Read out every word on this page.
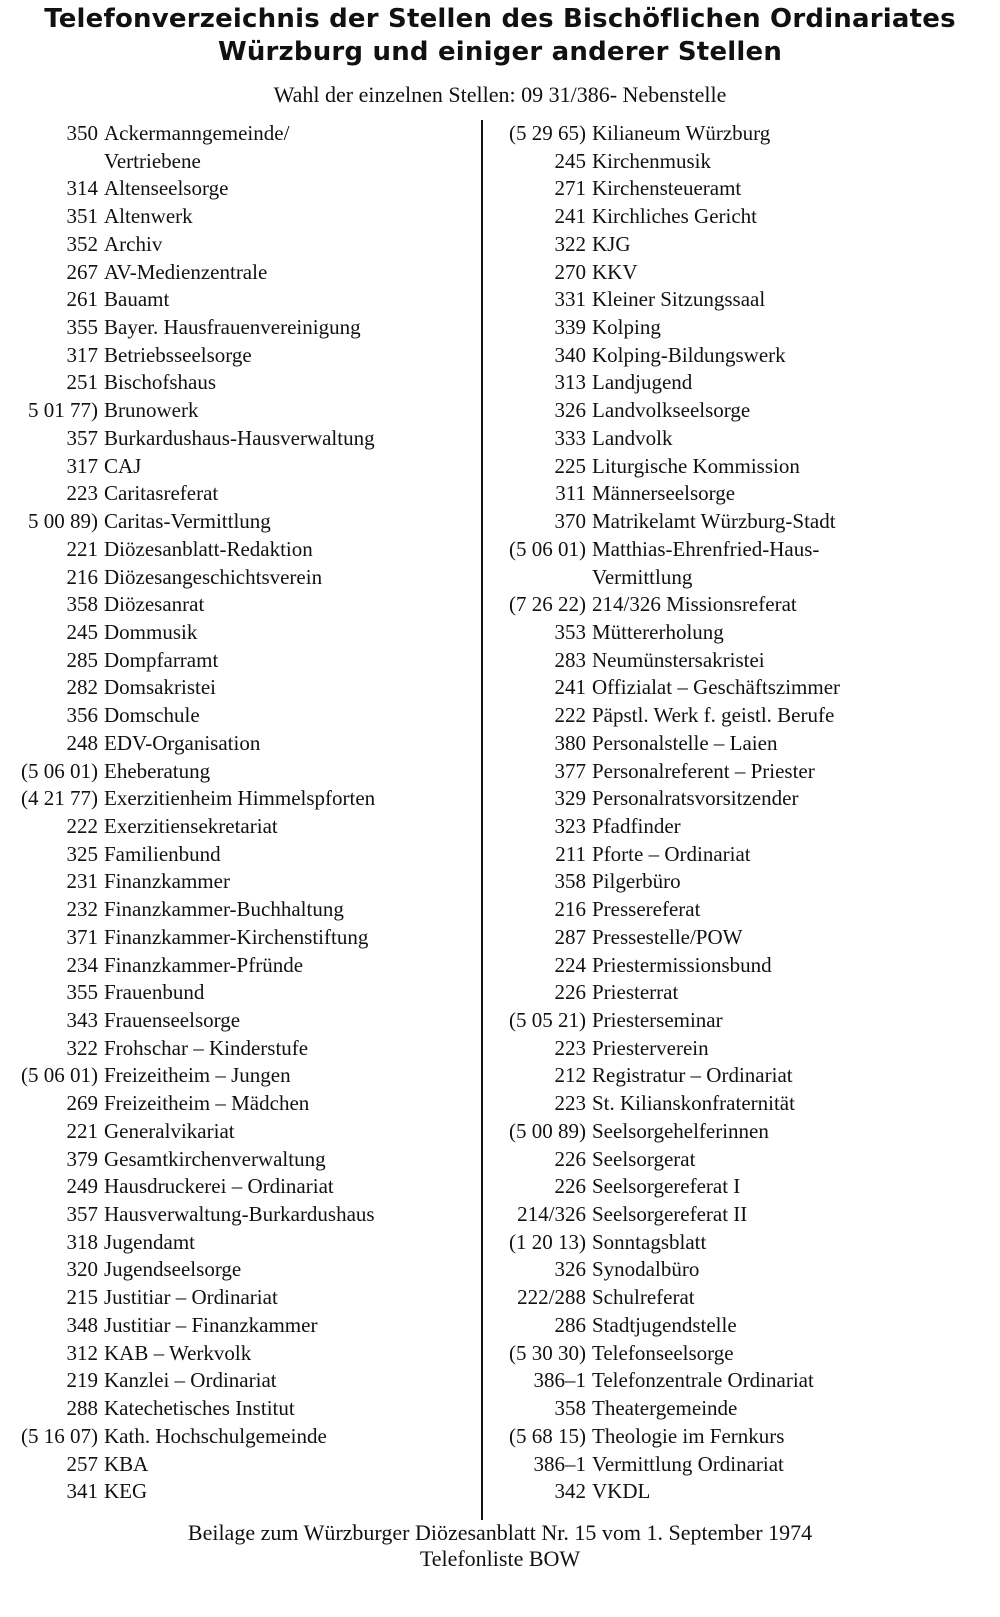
Telefonverzeichnis der Stellen des Bischöflichen Ordinariates
Würzburg und einiger anderer Stellen
Wahl der einzelnen Stellen: 09 31/386- Nebenstelle
350 Ackermanngemeinde/
Vertriebene
314 Altenseelsorge
351 Altenwerk
352 Archiv
267 AV-Medienzentrale
261 Bauamt
355 Bayer. Hausfrauenvereinigung
317 Betriebsseelsorge
251 Bischofshaus
5 01 77) Brunowerk
357 Burkardushaus-Hausverwaltung
317 CAJ
223 Caritasreferat
5 00 89) Caritas-Vermittlung
221 Diözesanblatt-Redaktion
216 Diözesangeschichtsverein
358 Diözesanrat
245 Dommusik
285 Dompfarramt
282 Domsakristei
356 Domschule
248 EDV-Organisation
(5 06 01) Eheberatung
(4 21 77) Exerzitienheim Himmelspforten
222 Exerzitiensekretariat
325 Familienbund
231 Finanzkammer
232 Finanzkammer-Buchhaltung
371 Finanzkammer-Kirchenstiftung
234 Finanzkammer-Pfründe
355 Frauenbund
343 Frauenseelsorge
322 Frohschar – Kinderstufe
(5 06 01) Freizeitheim – Jungen
269 Freizeitheim – Mädchen
221 Generalvikariat
379 Gesamtkirchenverwaltung
249 Hausdruckerei – Ordinariat
357 Hausverwaltung-Burkardushaus
318 Jugendamt
320 Jugendseelsorge
215 Justitiar – Ordinariat
348 Justitiar – Finanzkammer
312 KAB – Werkvolk
219 Kanzlei – Ordinariat
288 Katechetisches Institut
(5 16 07) Kath. Hochschulgemeinde
257 KBA
341 KEG
(5 29 65) Kilianeum Würzburg
245 Kirchenmusik
271 Kirchensteueramt
241 Kirchliches Gericht
322 KJG
270 KKV
331 Kleiner Sitzungssaal
339 Kolping
340 Kolping-Bildungswerk
313 Landjugend
326 Landvolkseelsorge
333 Landvolk
225 Liturgische Kommission
311 Männerseelsorge
370 Matrikelamt Würzburg-Stadt
(5 06 01) Matthias-Ehrenfried-Haus-
Vermittlung
(7 26 22) 214/326 Missionsreferat
353 Müttererholung
283 Neumünstersakristei
241 Offizialat – Geschäftszimmer
222 Päpstl. Werk f. geistl. Berufe
380 Personalstelle – Laien
377 Personalreferent – Priester
329 Personalratsvorsitzender
323 Pfadfinder
211 Pforte – Ordinariat
358 Pilgerbüro
216 Pressereferat
287 Pressestelle/POW
224 Priestermissionsbund
226 Priesterrat
(5 05 21) Priesterseminar
223 Priesterverein
212 Registratur – Ordinariat
223 St. Kilianskonfraternität
(5 00 89) Seelsorgehelferinnen
226 Seelsorgerat
226 Seelsorgereferat I
214/326 Seelsorgereferat II
(1 20 13) Sonntagsblatt
326 Synodalbüro
222/288 Schulreferat
286 Stadtjugendstelle
(5 30 30) Telefonseelsorge
386–1 Telefonzentrale Ordinariat
358 Theatergemeinde
(5 68 15) Theologie im Fernkurs
386–1 Vermittlung Ordinariat
342 VKDL
Beilage zum Würzburger Diözesanblatt Nr. 15 vom 1. September 1974
Telefonliste BOW
